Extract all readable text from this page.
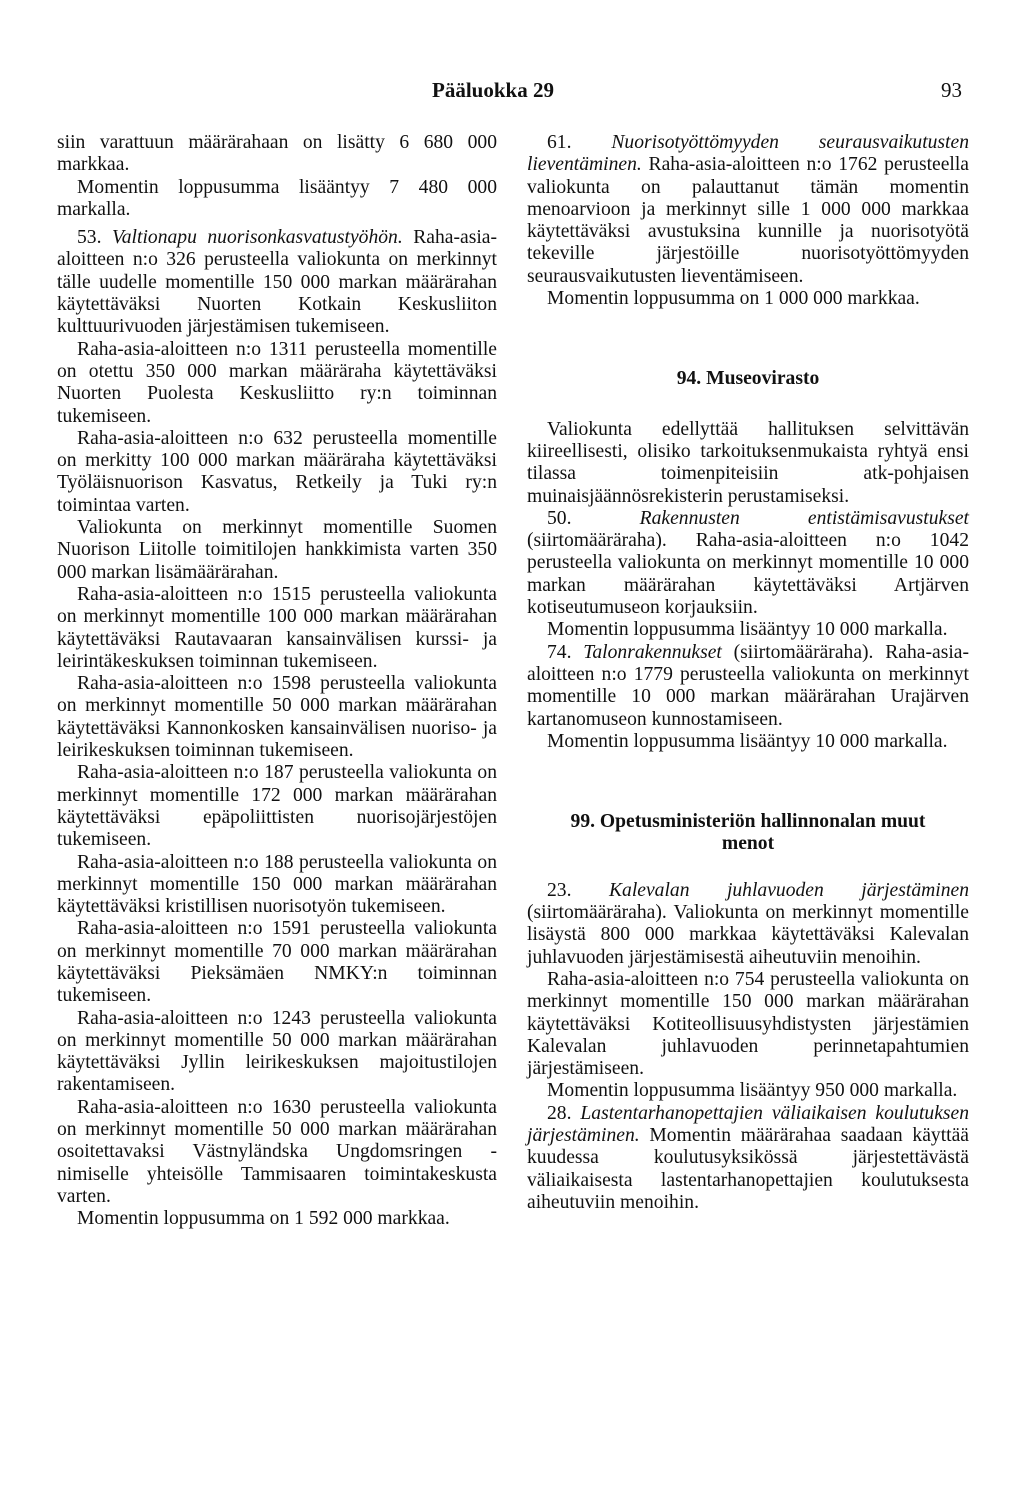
Pääluokka 29	93

siin varattuun määrärahaan on lisätty 6 680 000 markkaa.

Momentin loppusumma lisääntyy 7 480 000 markalla.

53. Valtionapu nuorisonkasvatustyöhön. Raha-asia-aloitteen n:o 326 perusteella valiokunta on merkinnyt tälle uudelle momentille 150 000 markan määrärahan käytettäväksi Nuorten Kotkain Keskusliiton kulttuurivuoden järjestämisen tukemiseen.

Raha-asia-aloitteen n:o 1311 perusteella momentille on otettu 350 000 markan määräraha käytettäväksi Nuorten Puolesta Keskusliitto ry:n toiminnan tukemiseen.

Raha-asia-aloitteen n:o 632 perusteella momentille on merkitty 100 000 markan määräraha käytettäväksi Työläisnuorison Kasvatus, Retkeily ja Tuki ry:n toimintaa varten.

Valiokunta on merkinnyt momentille Suomen Nuorison Liitolle toimitilojen hankkimista varten 350 000 markan lisämäärärahan.

Raha-asia-aloitteen n:o 1515 perusteella valiokunta on merkinnyt momentille 100 000 markan määrärahan käytettäväksi Rautavaaran kansainvälisen kurssi- ja leirintäkeskuksen toiminnan tukemiseen.

Raha-asia-aloitteen n:o 1598 perusteella valiokunta on merkinnyt momentille 50 000 markan määrärahan käytettäväksi Kannonkosken kansainvälisen nuoriso- ja leirikeskuksen toiminnan tukemiseen.

Raha-asia-aloitteen n:o 187 perusteella valiokunta on merkinnyt momentille 172 000 markan määrärahan käytettäväksi epäpoliittisten nuorisojärjestöjen tukemiseen.

Raha-asia-aloitteen n:o 188 perusteella valiokunta on merkinnyt momentille 150 000 markan määrärahan käytettäväksi kristillisen nuorisotyön tukemiseen.

Raha-asia-aloitteen n:o 1591 perusteella valiokunta on merkinnyt momentille 70 000 markan määrärahan käytettäväksi Pieksämäen NMKY:n toiminnan tukemiseen.

Raha-asia-aloitteen n:o 1243 perusteella valiokunta on merkinnyt momentille 50 000 markan määrärahan käytettäväksi Jyllin leirikeskuksen majoitustilojen rakentamiseen.

Raha-asia-aloitteen n:o 1630 perusteella valiokunta on merkinnyt momentille 50 000 markan määrärahan osoitettavaksi Västnyländska Ungdomsringen -nimiselle yhteisölle Tammisaaren toimintakeskusta varten.

Momentin loppusumma on 1 592 000 markkaa.

61. Nuorisotyöttömyyden seurausvaikutusten lieventäminen. Raha-asia-aloitteen n:o 1762 perusteella valiokunta on palauttanut tämän momentin menoarvioon ja merkinnyt sille 1 000 000 markkaa käytettäväksi avustuksina kunnille ja nuorisotyötä tekeville järjestöille nuorisotyöttömyyden seurausvaikutusten lieventämiseen.

Momentin loppusumma on 1 000 000 markkaa.

94. Museovirasto

Valiokunta edellyttää hallituksen selvittävän kiireellisesti, olisiko tarkoituksenmukaista ryhtyä ensi tilassa toimenpiteisiin atk-pohjaisen muinaisjäännösrekisterin perustamiseksi.

50. Rakennusten entistämisavustukset (siirtomääräraha). Raha-asia-aloitteen n:o 1042 perusteella valiokunta on merkinnyt momentille 10 000 markan määrärahan käytettäväksi Artjärven kotiseutumuseon korjauksiin.

Momentin loppusumma lisääntyy 10 000 markalla.

74. Talonrakennukset (siirtomääräraha). Raha-asia-aloitteen n:o 1779 perusteella valiokunta on merkinnyt momentille 10 000 markan määrärahan Urajärven kartanomuseon kunnostamiseen.

Momentin loppusumma lisääntyy 10 000 markalla.

99. Opetusministeriön hallinnonalan muut
menot

23. Kalevalan juhlavuoden järjestäminen (siirtomääräraha). Valiokunta on merkinnyt momentille lisäystä 800 000 markkaa käytettäväksi Kalevalan juhlavuoden järjestämisestä aiheutuviin menoihin.

Raha-asia-aloitteen n:o 754 perusteella valiokunta on merkinnyt momentille 150 000 markan määrärahan käytettäväksi Kotiteollisuusyhdistysten järjestämien Kalevalan juhlavuoden perinnetapahtumien järjestämiseen.

Momentin loppusumma lisääntyy 950 000 markalla.

28. Lastentarhanopettajien väliaikaisen koulutuksen järjestäminen. Momentin määrärahaa saadaan käyttää kuudessa koulutusyksikössä järjestettävästä väliaikaisesta lastentarhanopettajien koulutuksesta aiheutuviin menoihin.
